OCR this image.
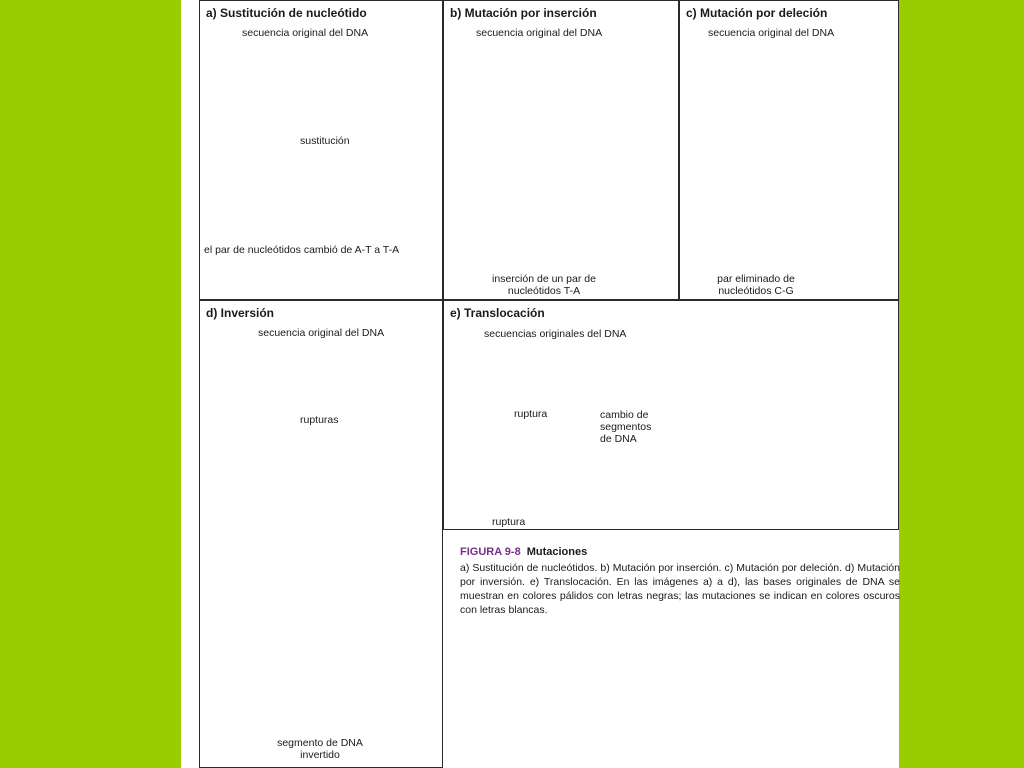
a) Sustitución de nucleótido
secuencia original del DNA
sustitución
el par de nucleótidos cambió de A-T a T-A
b) Mutación por inserción
secuencia original del DNA
inserción de un par de nucleótidos T-A
c) Mutación por deleción
secuencia original del DNA
par eliminado de nucleótidos C-G
d) Inversión
secuencia original del DNA
rupturas
segmento de DNA invertido
e) Translocación
secuencias originales del DNA
ruptura	cambio de segmentos de DNA
ruptura
FIGURA 9-8 Mutaciones
a) Sustitución de nucleótidos. b) Mutación por inserción. c) Mutación por deleción. d) Mutación por inversión. e) Translocación. En las imágenes a) a d), las bases originales de DNA se muestran en colores pálidos con letras negras; las mutaciones se indican en colores oscuros con letras blancas.
